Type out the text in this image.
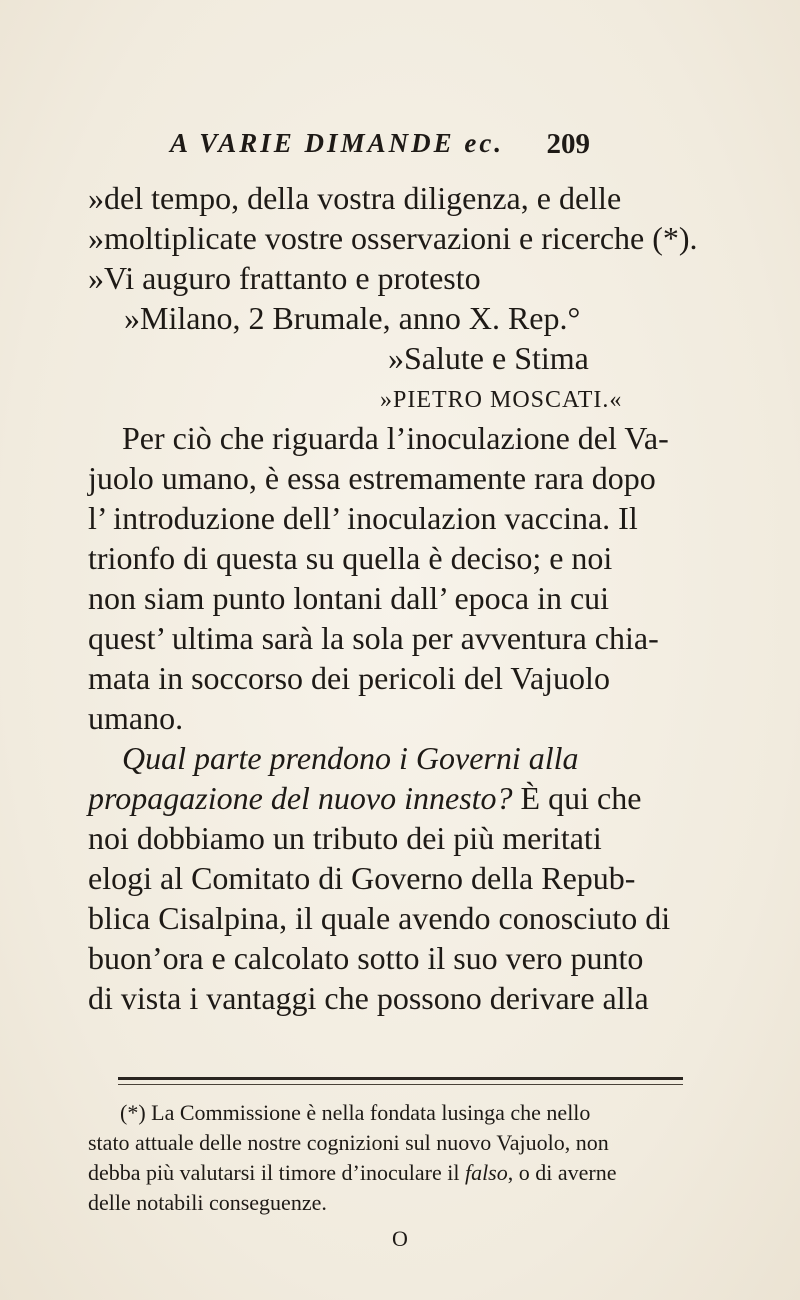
A VARIE DIMANDE ec. 209
»del tempo, della vostra diligenza, e delle
»moltiplicate vostre osservazioni e ricerche (*).
»Vi auguro frattanto e protesto
»Milano, 2 Brumale, anno X. Rep.°
»Salute e Stima
»PIETRO MOSCATI.«
Per ciò che riguarda l’inoculazione del Va-
juolo umano, è essa estremamente rara dopo
l’ introduzione dell’ inoculazion vaccina. Il
trionfo di questa su quella è deciso; e noi
non siam punto lontani dall’ epoca in cui
quest’ ultima sarà la sola per avventura chia-
mata in soccorso dei pericoli del Vajuolo
umano.
Qual parte prendono i Governi alla
propagazione del nuovo innesto? È qui che
noi dobbiamo un tributo dei più meritati
elogi al Comitato di Governo della Repub-
blica Cisalpina, il quale avendo conosciuto di
buon’ora e calcolato sotto il suo vero punto
di vista i vantaggi che possono derivare alla
(*) La Commissione è nella fondata lusinga che nello
stato attuale delle nostre cognizioni sul nuovo Vajuolo, non
debba più valutarsi il timore d’inoculare il falso, o di averne
delle notabili conseguenze.
O
